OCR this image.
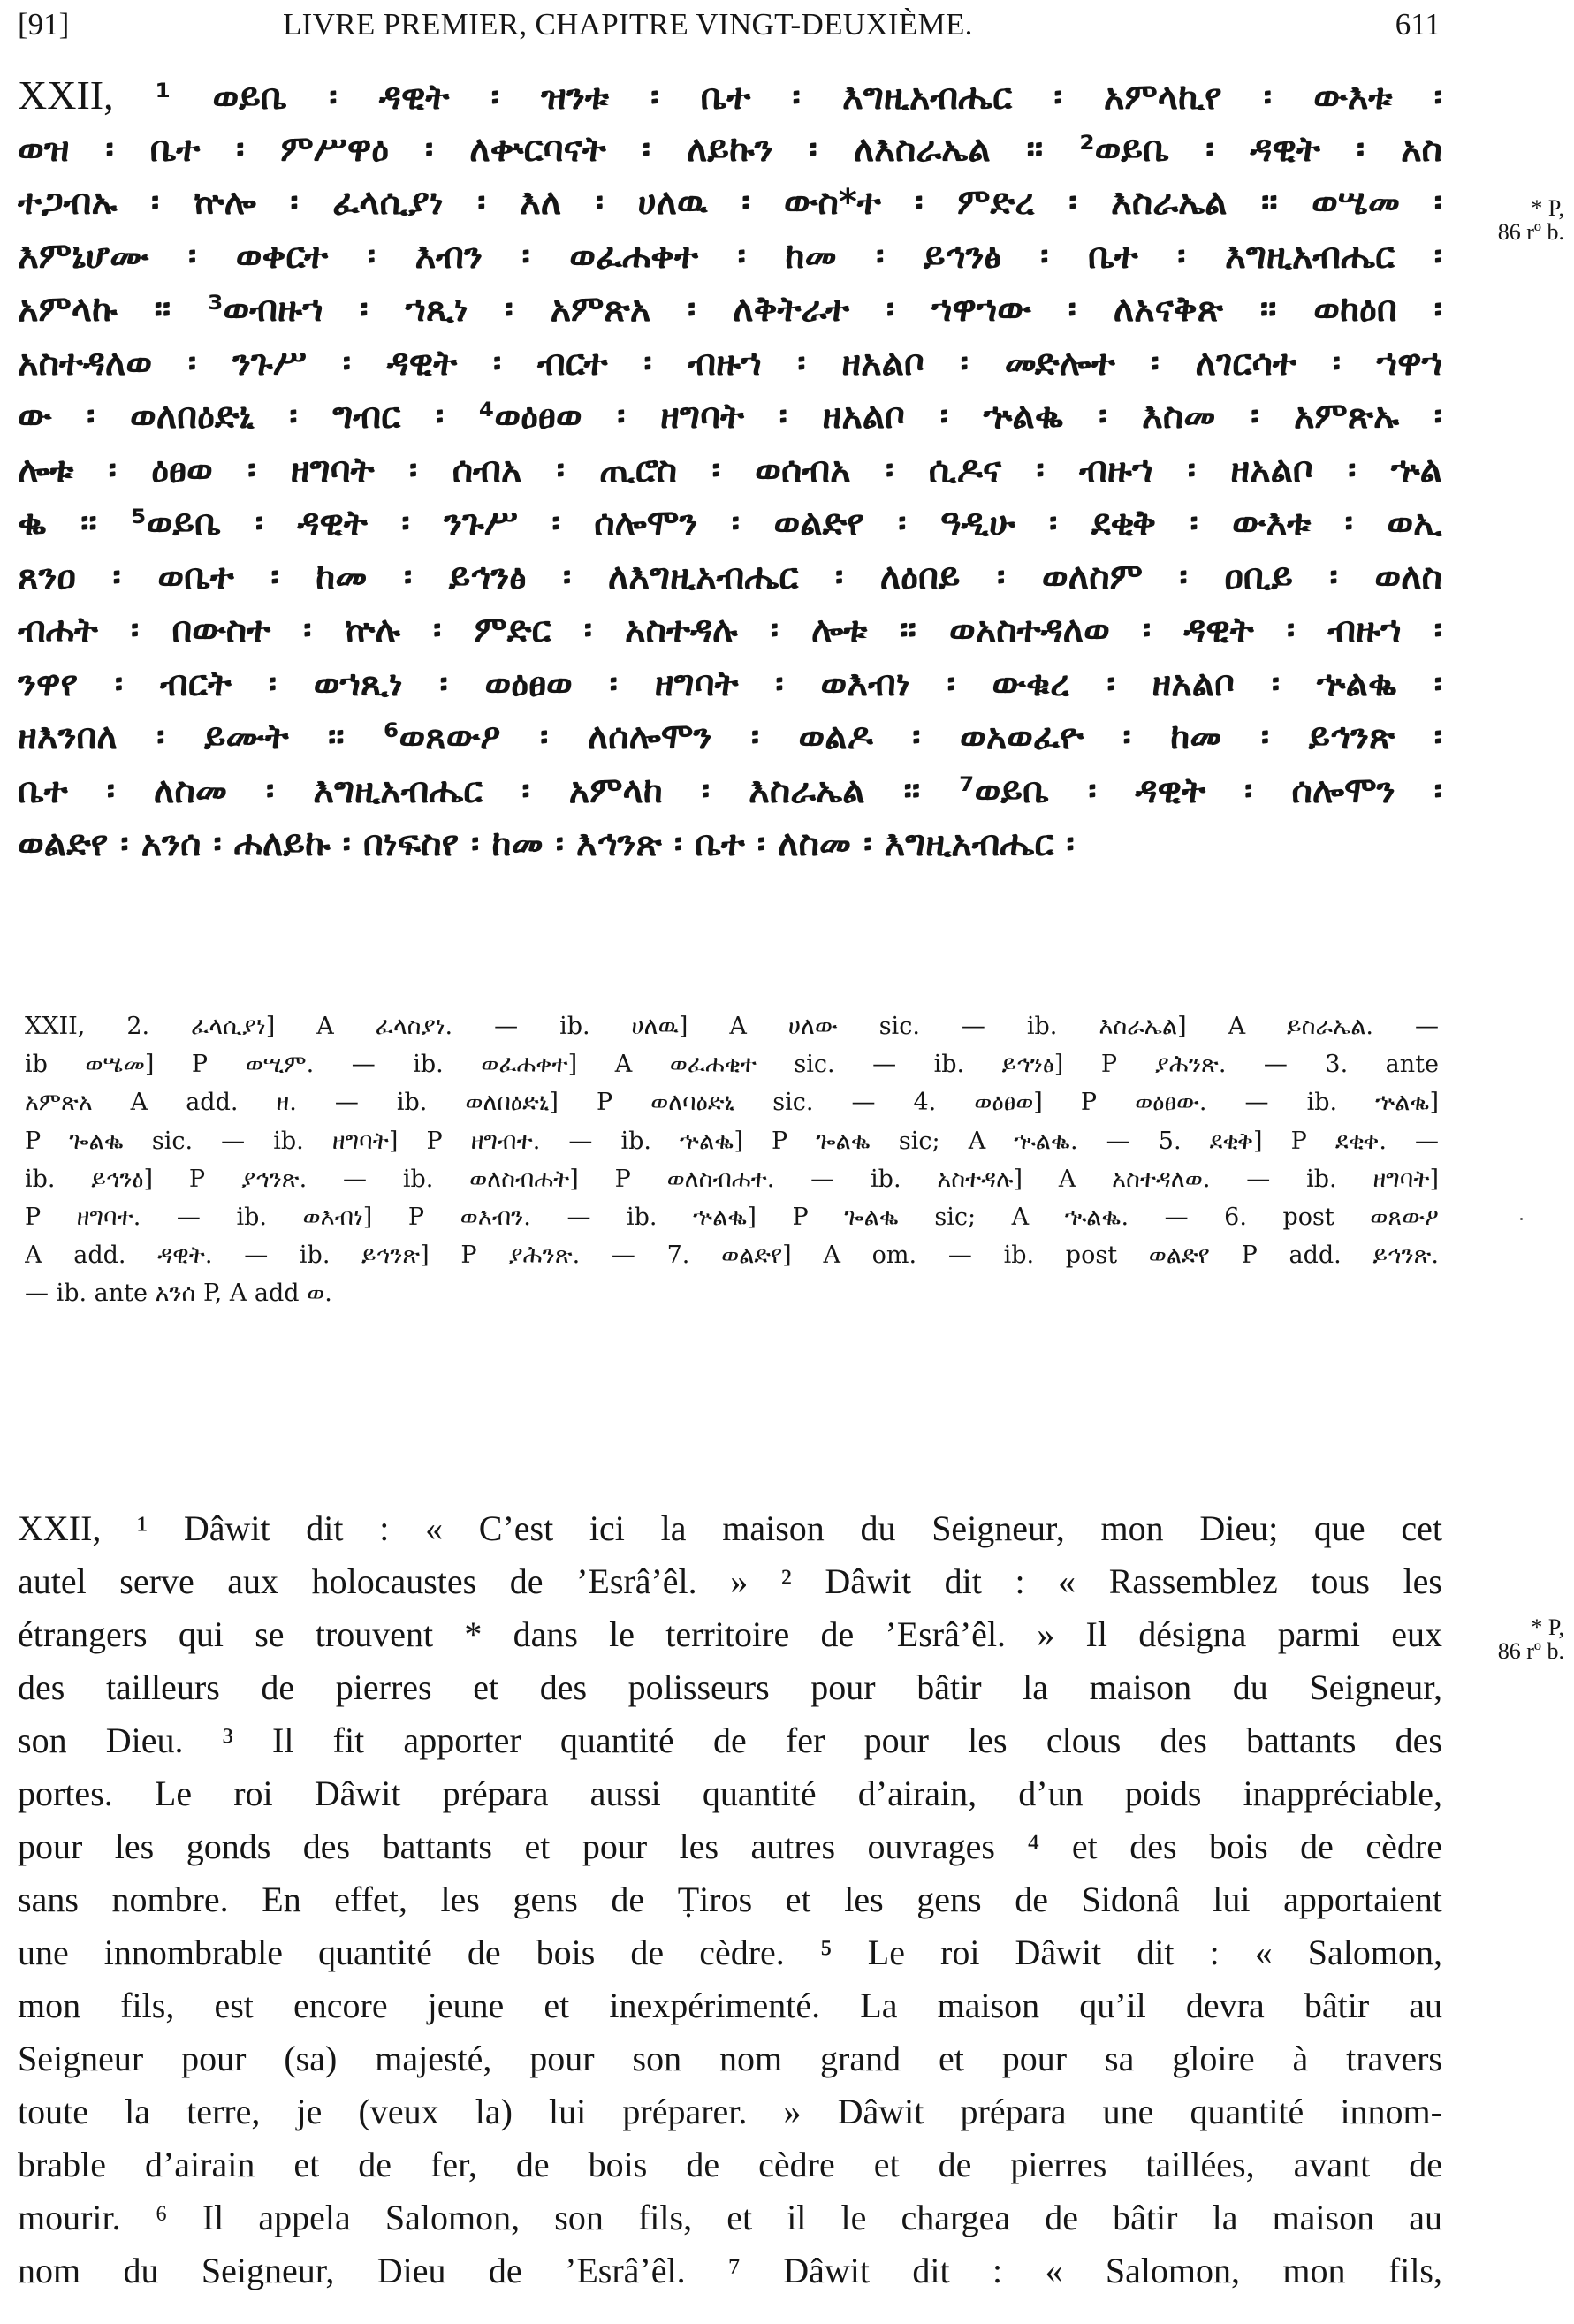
[91]	LIVRE PREMIER, CHAPITRE VINGT-DEUXIÈME.	611
XXII, ¹ ወይቤ ፡ ዳዊት ፡ ዝንቱ ፡ ቤተ ፡ እግዚአብሔር ፡ አምላኪየ ፡ ውእቱ ፡
ወዝ ፡ ቤተ ፡ ምሥዋዕ ፡ ለቍርባናት ፡ ለይኩን ፡ ለእስራኤል ። ²ወይቤ ፡ ዳዊት ፡ አስ
ተጋብኡ ፡ ኵሎ ፡ ፈላሲያነ ፡ እለ ፡ ሀለዉ ፡ ውስ*ተ ፡ ምድረ ፡ እስራኤል ። ወሤመ ፡
እምኔሆሙ ፡ ወቀርተ ፡ እብን ፡ ወፈሐቀተ ፡ ከመ ፡ ይኅንፅ ፡ ቤተ ፡ እግዚአብሔር ፡
አምላኩ ። ³ወብዙኀ ፡ ኀጺነ ፡ አምጽአ ፡ ለቅትራተ ፡ ኀዋኀው ፡ ለአናቅጽ ። ወከዕበ ፡
አስተዳለወ ፡ ንጉሥ ፡ ዳዊት ፡ ብርተ ፡ ብዙኀ ፡ ዘአልቦ ፡ መድሎተ ፡ ለገርሳተ ፡ ኀዋኀ
ው ፡ ወለበዕድኒ ፡ ግብር ፡ ⁴ወዕፀወ ፡ ዘግባት ፡ ዘአልቦ ፡ ኍልቈ ፡ እስመ ፡ አምጽኡ ፡
ሎቱ ፡ ዕፀወ ፡ ዘግባት ፡ ሰብአ ፡ ጢሮስ ፡ ወሰብአ ፡ ሲዶና ፡ ብዙኀ ፡ ዘአልቦ ፡ ኍል
ቈ ። ⁵ወይቤ ፡ ዳዊት ፡ ንጉሥ ፡ ሰሎሞን ፡ ወልድየ ፡ ዓዲሁ ፡ ደቂቅ ፡ ውእቱ ፡ ወኢ
ጸንዐ ፡ ወቤተ ፡ ከመ ፡ ይኅንፅ ፡ ለእግዚአብሔር ፡ ለዕበይ ፡ ወለስም ፡ ዐቢይ ፡ ወለስ
ብሐት ፡ በውስተ ፡ ኵሉ ፡ ምድር ፡ አስተዳሉ ፡ ሎቱ ። ወአስተዳለወ ፡ ዳዊት ፡ ብዙኀ ፡
ንዋየ ፡ ብርት ፡ ወኀጺነ ፡ ወዕፀወ ፡ ዘግባት ፡ ወእብነ ፡ ውቁረ ፡ ዘአልቦ ፡ ኍልቈ ፡
ዘእንበለ ፡ ይሙት ። ⁶ወጸውዖ ፡ ለሰሎሞን ፡ ወልዶ ፡ ወአወፈዮ ፡ ከመ ፡ ይኅንጽ ፡
ቤተ ፡ ለስመ ፡ እግዚአብሔር ፡ አምላከ ፡ እስራኤል ። ⁷ወይቤ ፡ ዳዊት ፡ ሰሎሞን ፡
ወልድየ ፡ አንሰ ፡ ሐለይኩ ፡ በነፍስየ ፡ ከመ ፡ እኅንጽ ፡ ቤተ ፡ ለስመ ፡ እግዚአብሔር ፡
* P,
86 rº b.
XXII, 2. ፈላሲያነ] A ፈላስያነ. — ib. ሀለዉ] A ሀለው sic. — ib. እስራኤል] A ይስራኤል. —
ib ወሤመ] P ወሢም. — ib. ወፈሐቀተ] A ወፈሐቂተ sic. — ib. ይኅንፅ] P ያሕንጽ. — 3. ante
አምጽአ A add. ዘ. — ib. ወለበዕድኒ] P ወለባዕድኒ sic. — 4. ወዕፀወ] P ወዕፀው. — ib. ኍልቈ]
P ጐልቈ sic. — ib. ዘግባት] P ዘግብተ. — ib. ኍልቈ] P ጐልቈ sic; A ኊልቈ. — 5. ደቂቅ] P ደቂቀ. —
ib. ይኅንፅ] P ያኅንጽ. — ib. ወለስብሐት] P ወለስብሐተ. — ib. አስተዳሉ] A አስተዳለወ. — ib. ዘግባት]
P ዘግባተ. — ib. ወእብነ] P ወእብን. — ib. ኍልቈ] P ጐልቈ sic; A ኊልቈ. — 6. post ወጸውዖ
A add. ዳዊት. — ib. ይኅንጽ] P ያሕንጽ. — 7. ወልድየ] A om. — ib. post ወልድየ P add. ይኅንጽ.
— ib. ante አንሰ P, A add ወ.
XXII, ¹ Dâwit dit : « C’est ici la maison du Seigneur, mon Dieu; que cet
autel serve aux holocaustes de ’Esrâ’êl. » ² Dâwit dit : « Rassemblez tous les
étrangers qui se trouvent * dans le territoire de ’Esrâ’êl. » Il désigna parmi eux
des tailleurs de pierres et des polisseurs pour bâtir la maison du Seigneur,
son Dieu. ³ Il fit apporter quantité de fer pour les clous des battants des
portes. Le roi Dâwit prépara aussi quantité d’airain, d’un poids inappréciable,
pour les gonds des battants et pour les autres ouvrages ⁴ et des bois de cèdre
sans nombre. En effet, les gens de Ṭiros et les gens de Sidonâ lui apportaient
une innombrable quantité de bois de cèdre. ⁵ Le roi Dâwit dit : « Salomon,
mon fils, est encore jeune et inexpérimenté. La maison qu’il devra bâtir au
Seigneur pour (sa) majesté, pour son nom grand et pour sa gloire à travers
toute la terre, je (veux la) lui préparer. » Dâwit prépara une quantité innom-
brable d’airain et de fer, de bois de cèdre et de pierres taillées, avant de
mourir. ⁶ Il appela Salomon, son fils, et il le chargea de bâtir la maison au
nom du Seigneur, Dieu de ’Esrâ’êl. ⁷ Dâwit dit : « Salomon, mon fils,
* P,
86 rº b.
